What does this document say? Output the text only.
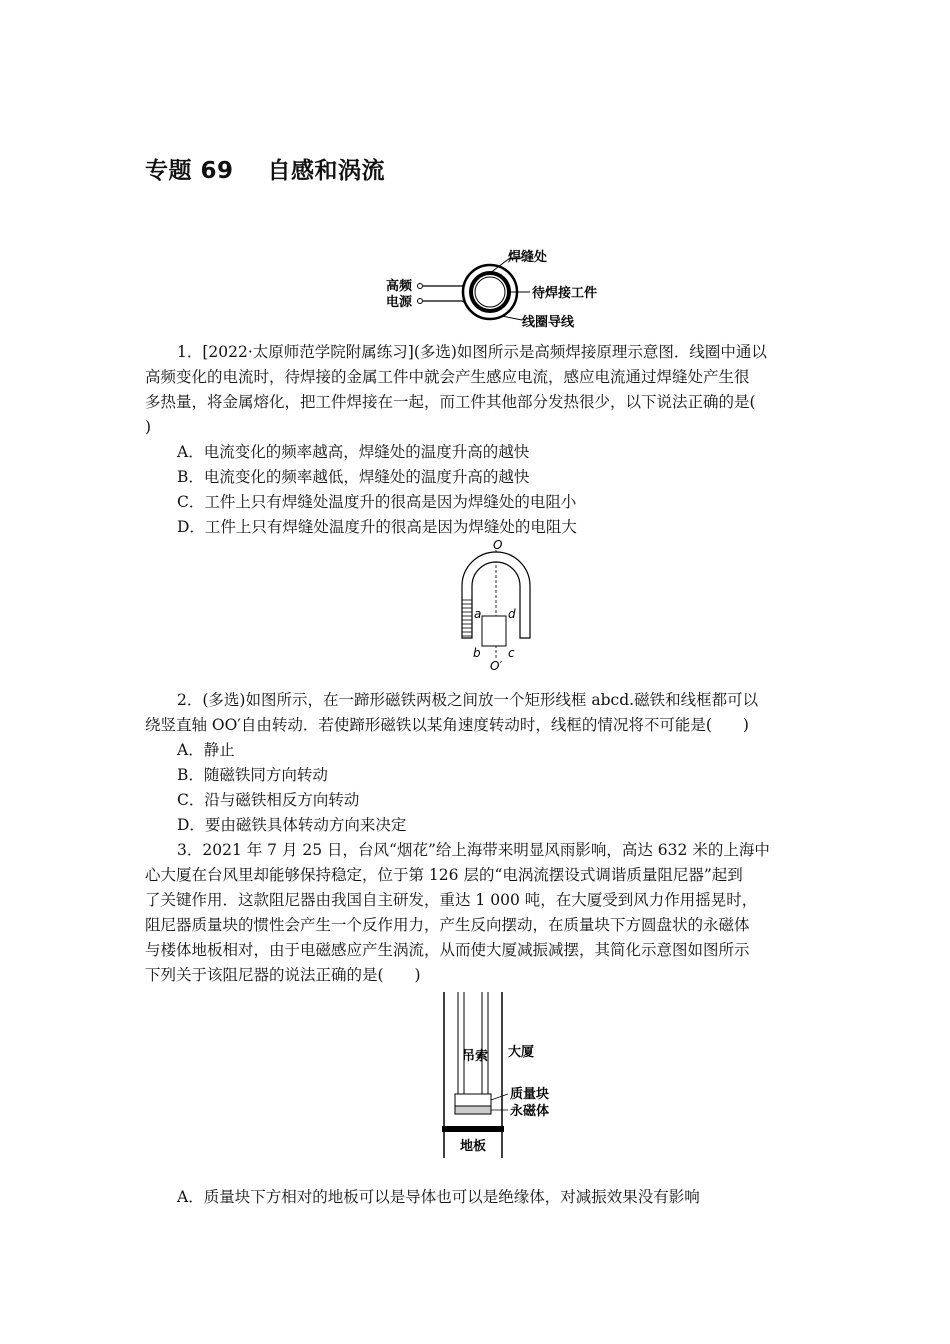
专题 69    自感和涡流
高频
电源
焊缝处
待焊接工件
线圈导线
1．[2022·太原师范学院附属练习](多选)如图所示是高频焊接原理示意图．线圈中通以
高频变化的电流时，待焊接的金属工件中就会产生感应电流，感应电流通过焊缝处产生很
多热量，将金属熔化，把工件焊接在一起，而工件其他部分发热很少，以下说法正确的是(
)
A．电流变化的频率越高，焊缝处的温度升高的越快
B．电流变化的频率越低，焊缝处的温度升高的越快
C．工件上只有焊缝处温度升的很高是因为焊缝处的电阻小
D．工件上只有焊缝处温度升的很高是因为焊缝处的电阻大
O
O′
a d
b c
2．(多选)如图所示，在一蹄形磁铁两极之间放一个矩形线框 abcd.磁铁和线框都可以
绕竖直轴 OO′自由转动．若使蹄形磁铁以某角速度转动时，线框的情况将不可能是(　　)
A．静止
B．随磁铁同方向转动
C．沿与磁铁相反方向转动
D．要由磁铁具体转动方向来决定
3．2021 年 7 月 25 日，台风“烟花”给上海带来明显风雨影响，高达 632 米的上海中
心大厦在台风里却能够保持稳定，位于第 126 层的“电涡流摆设式调谐质量阻尼器”起到
了关键作用．这款阻尼器由我国自主研发，重达 1 000 吨，在大厦受到风力作用摇晃时，
阻尼器质量块的惯性会产生一个反作用力，产生反向摆动，在质量块下方圆盘状的永磁体
与楼体地板相对，由于电磁感应产生涡流，从而使大厦减振减摆，其简化示意图如图所示
下列关于该阻尼器的说法正确的是(　　)
吊索 大厦
质量块
永磁体
地板
A．质量块下方相对的地板可以是导体也可以是绝缘体，对减振效果没有影响
